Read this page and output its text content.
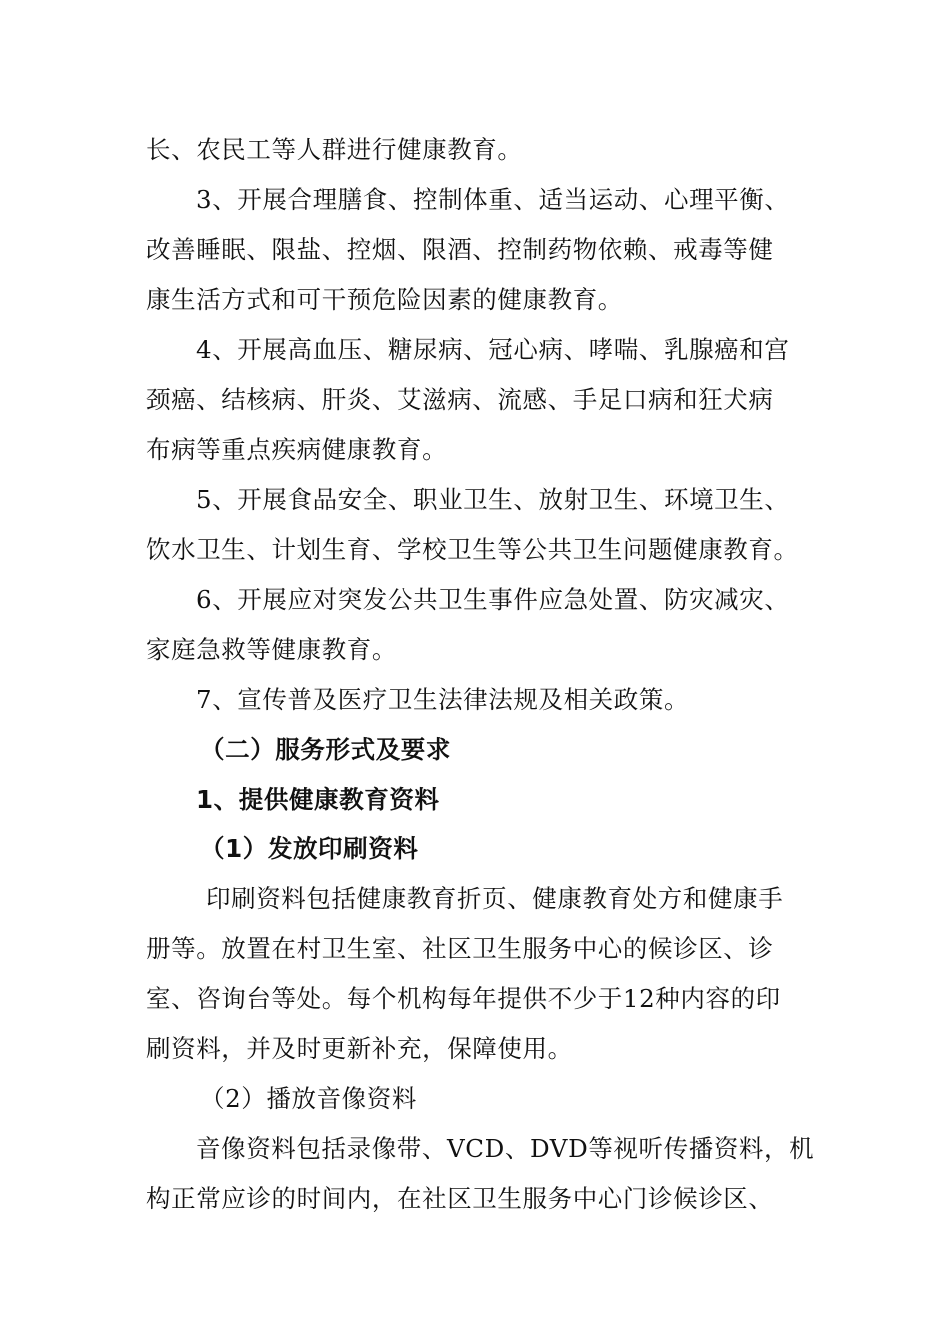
长、农民工等人群进行健康教育。
3、开展合理膳食、控制体重、适当运动、心理平衡、
改善睡眠、限盐、控烟、限酒、控制药物依赖、戒毒等健
康生活方式和可干预危险因素的健康教育。
4、开展高血压、糖尿病、冠心病、哮喘、乳腺癌和宫
颈癌、结核病、肝炎、艾滋病、流感、手足口病和狂犬病
布病等重点疾病健康教育。
5、开展食品安全、职业卫生、放射卫生、环境卫生、
饮水卫生、计划生育、学校卫生等公共卫生问题健康教育。
6、开展应对突发公共卫生事件应急处置、防灾减灾、
家庭急救等健康教育。
7、宣传普及医疗卫生法律法规及相关政策。
（二）服务形式及要求
1、提供健康教育资料
（1）发放印刷资料
印刷资料包括健康教育折页、健康教育处方和健康手
册等。放置在村卫生室、社区卫生服务中心的候诊区、诊
室、咨询台等处。每个机构每年提供不少于12种内容的印
刷资料，并及时更新补充，保障使用。
（2）播放音像资料
音像资料包括录像带、VCD、DVD等视听传播资料，机
构正常应诊的时间内，在社区卫生服务中心门诊候诊区、
